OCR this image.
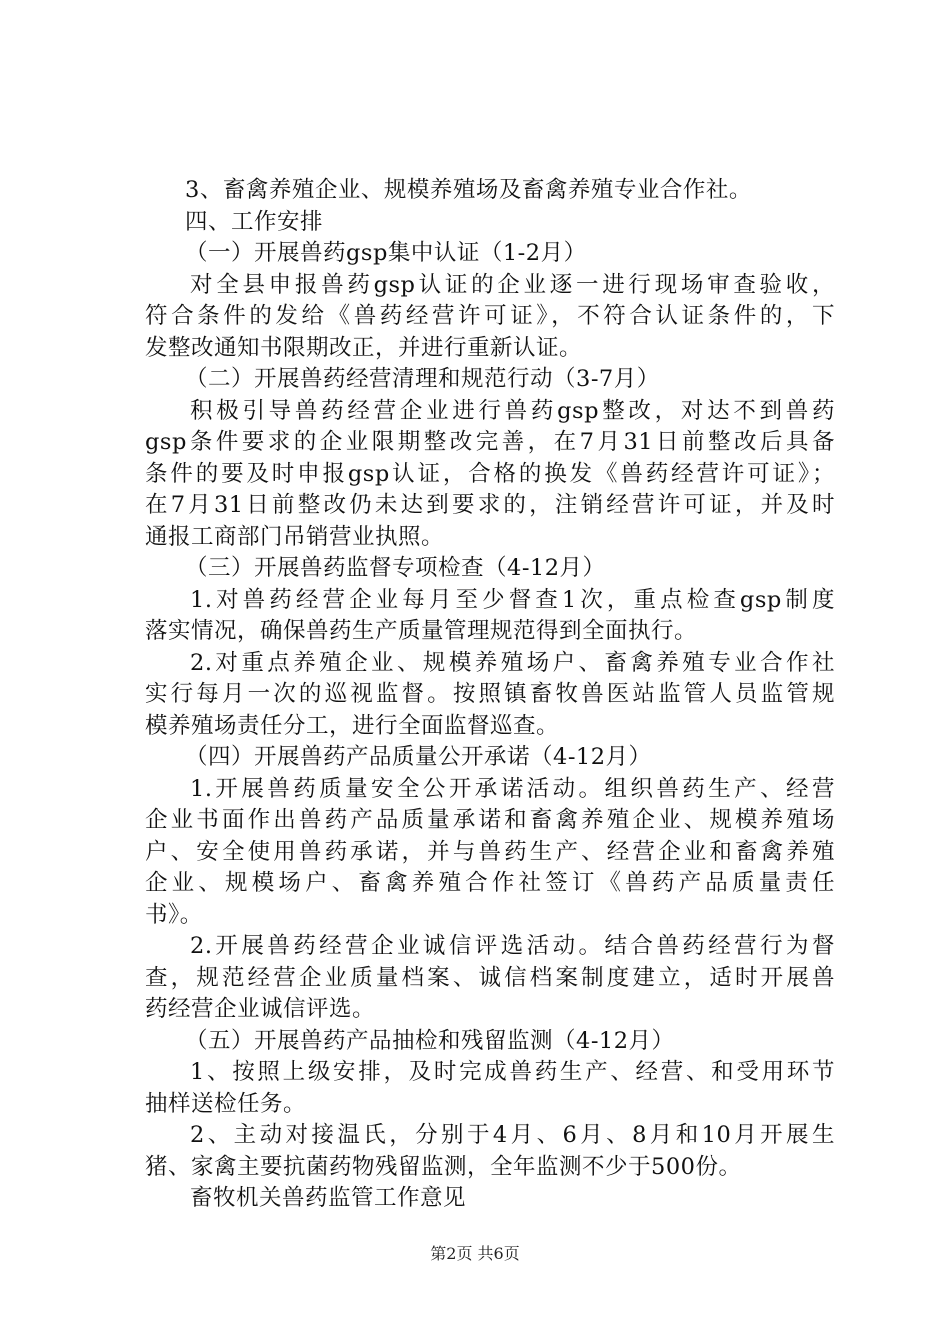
3、畜禽养殖企业、规模养殖场及畜禽养殖专业合作社。
四、工作安排
（一）开展兽药gsp集中认证（1-2月）
对全县申报兽药gsp认证的企业逐一进行现场审查验收，
符合条件的发给《兽药经营许可证》，不符合认证条件的，下
发整改通知书限期改正，并进行重新认证。
（二）开展兽药经营清理和规范行动（3-7月）
积极引导兽药经营企业进行兽药gsp整改，对达不到兽药
gsp条件要求的企业限期整改完善，在7月31日前整改后具备
条件的要及时申报gsp认证，合格的换发《兽药经营许可证》；
在7月31日前整改仍未达到要求的，注销经营许可证，并及时
通报工商部门吊销营业执照。
（三）开展兽药监督专项检查（4-12月）
1.对兽药经营企业每月至少督查1次，重点检查gsp制度
落实情况，确保兽药生产质量管理规范得到全面执行。
2.对重点养殖企业、规模养殖场户、畜禽养殖专业合作社
实行每月一次的巡视监督。按照镇畜牧兽医站监管人员监管规
模养殖场责任分工，进行全面监督巡查。
（四）开展兽药产品质量公开承诺（4-12月）
1.开展兽药质量安全公开承诺活动。组织兽药生产、经营
企业书面作出兽药产品质量承诺和畜禽养殖企业、规模养殖场
户、安全使用兽药承诺，并与兽药生产、经营企业和畜禽养殖
企业、规模场户、畜禽养殖合作社签订《兽药产品质量责任
书》。
2.开展兽药经营企业诚信评选活动。结合兽药经营行为督
查，规范经营企业质量档案、诚信档案制度建立，适时开展兽
药经营企业诚信评选。
（五）开展兽药产品抽检和残留监测（4-12月）
1、按照上级安排，及时完成兽药生产、经营、和受用环节
抽样送检任务。
2、主动对接温氏，分别于4月、6月、8月和10月开展生
猪、家禽主要抗菌药物残留监测，全年监测不少于500份。
畜牧机关兽药监管工作意见
第2页 共6页
